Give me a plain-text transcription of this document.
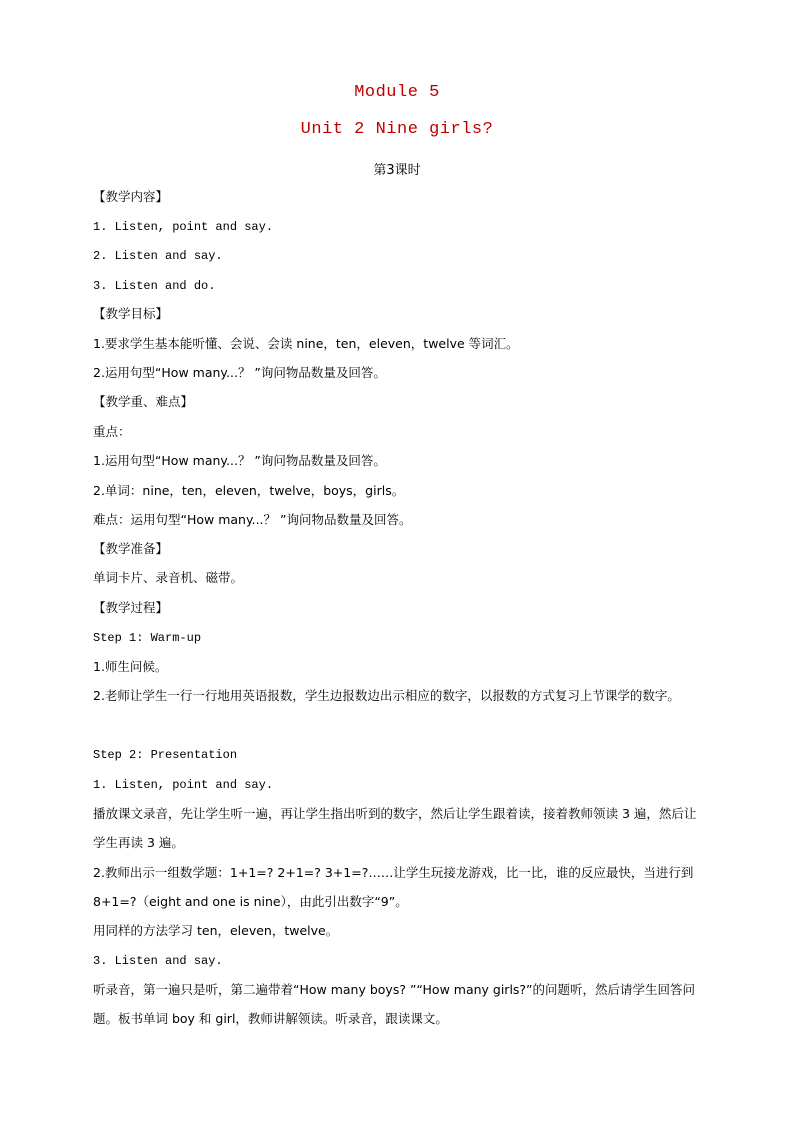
Module 5
Unit 2 Nine girls?
第3课时
【教学内容】
1. Listen, point and say.
2. Listen and say.
3. Listen and do.
【教学目标】
1.要求学生基本能听懂、会说、会读 nine，ten，eleven，twelve 等词汇。
2.运用句型“How many...？ ”询问物品数量及回答。
【教学重、难点】
重点：
1.运用句型“How many...？ ”询问物品数量及回答。
2.单词：nine，ten，eleven，twelve，boys，girls。
难点：运用句型“How many...？ ”询问物品数量及回答。
【教学准备】
单词卡片、录音机、磁带。
【教学过程】
Step 1: Warm-up
1.师生问候。
2.老师让学生一行一行地用英语报数，学生边报数边出示相应的数字，以报数的方式复习上节课学的数字。
Step 2: Presentation
1. Listen, point and say.
播放课文录音，先让学生听一遍，再让学生指出听到的数字，然后让学生跟着读，接着教师领读 3 遍，然后让学生再读 3 遍。
2.教师出示一组数学题：1+1=? 2+1=? 3+1=?……让学生玩接龙游戏，比一比，谁的反应最快，当进行到 8+1=?（eight and one is nine），由此引出数字“9”。
用同样的方法学习 ten，eleven，twelve。
3. Listen and say.
听录音，第一遍只是听，第二遍带着“How many boys? ”“How many girls?”的问题听，然后请学生回答问题。板书单词 boy 和 girl，教师讲解领读。听录音，跟读课文。
